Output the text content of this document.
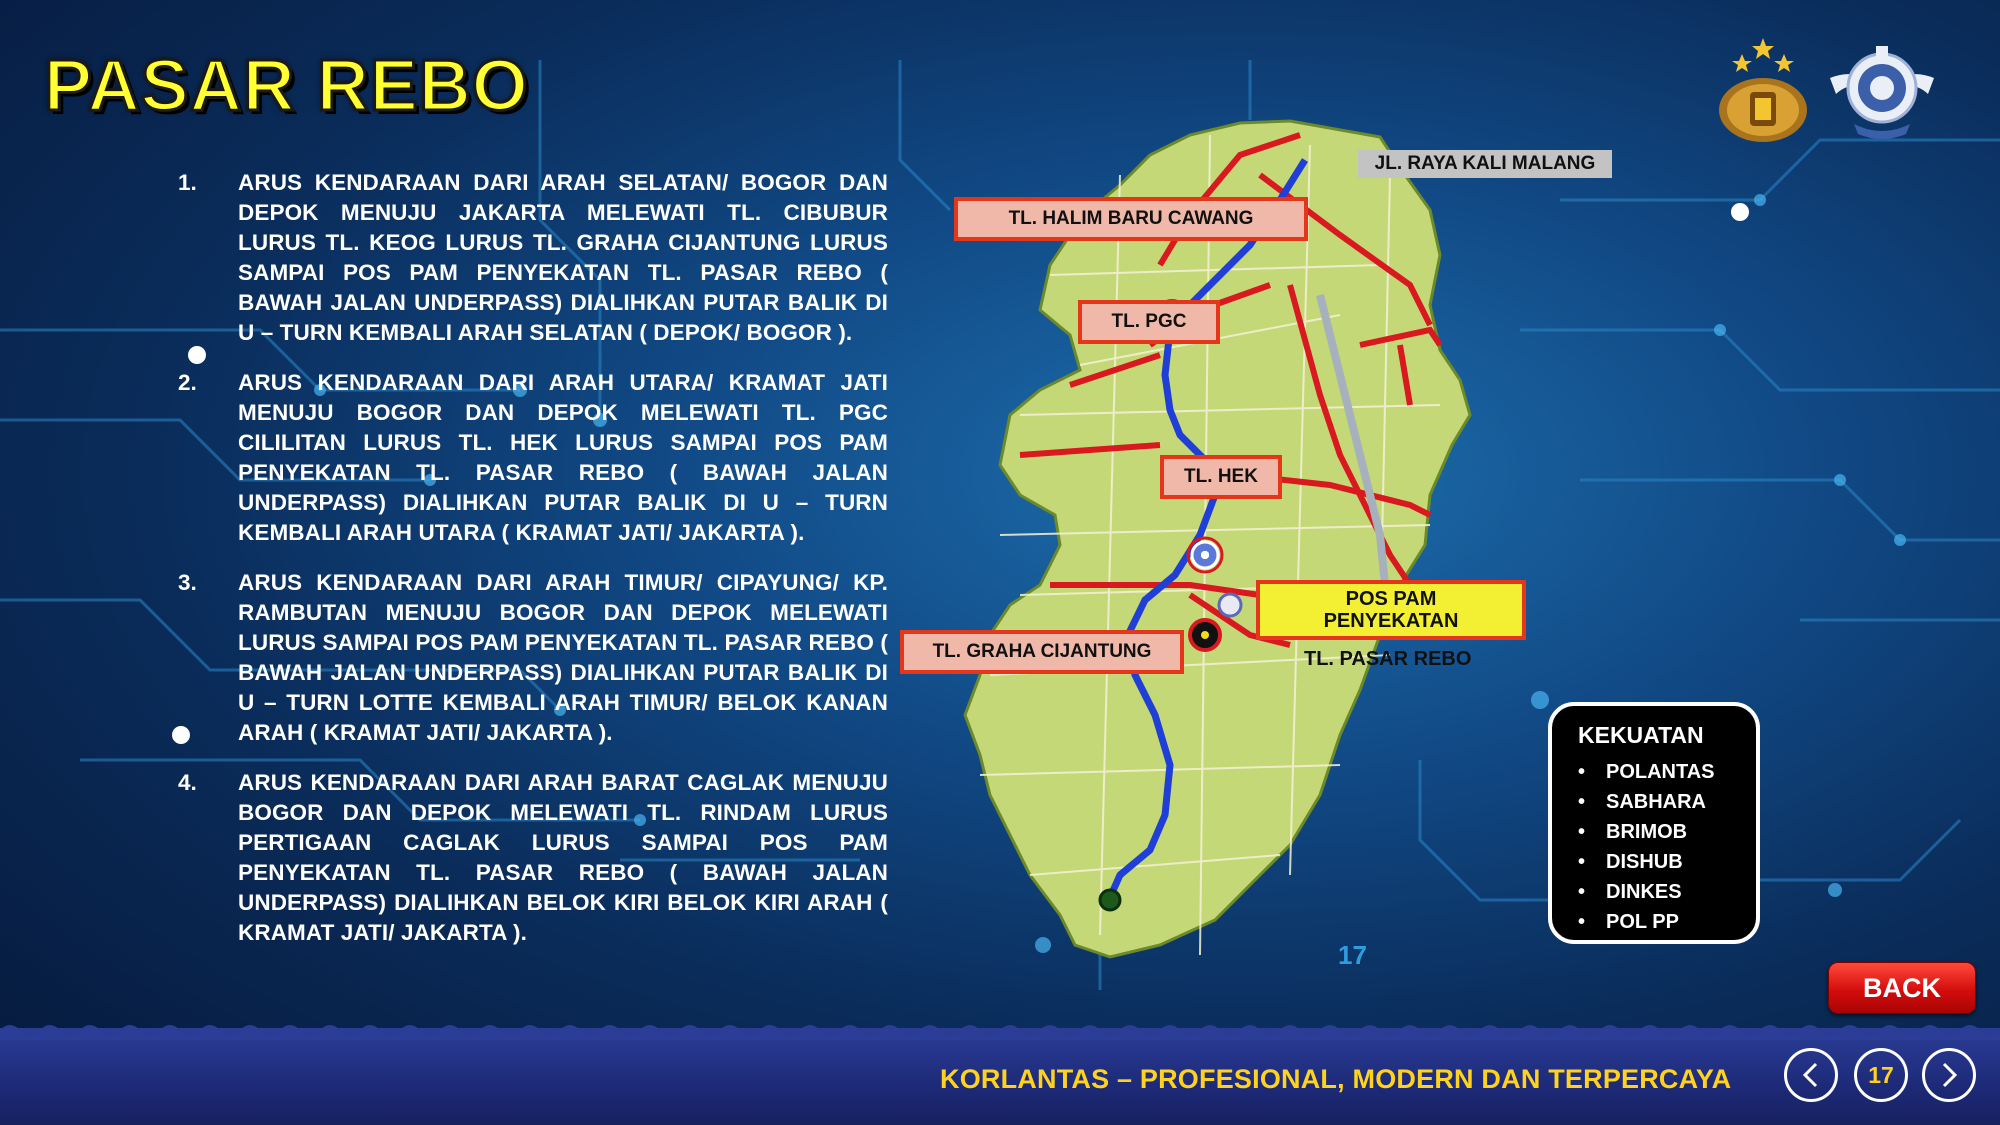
PASAR REBO
1.	ARUS KENDARAAN DARI ARAH SELATAN/ BOGOR DAN DEPOK MENUJU JAKARTA MELEWATI TL. CIBUBUR LURUS TL. KEOG LURUS TL. GRAHA CIJANTUNG LURUS SAMPAI POS PAM PENYEKATAN TL. PASAR REBO ( BAWAH JALAN UNDERPASS) DIALIHKAN PUTAR BALIK DI U – TURN KEMBALI ARAH SELATAN ( DEPOK/ BOGOR ).
2.	ARUS KENDARAAN DARI ARAH UTARA/ KRAMAT JATI MENUJU BOGOR DAN DEPOK MELEWATI TL. PGC CILILITAN LURUS TL. HEK LURUS SAMPAI POS PAM PENYEKATAN TL. PASAR REBO ( BAWAH JALAN UNDERPASS) DIALIHKAN PUTAR BALIK DI U – TURN KEMBALI ARAH UTARA ( KRAMAT JATI/ JAKARTA ).
3.	ARUS KENDARAAN DARI ARAH TIMUR/ CIPAYUNG/ KP. RAMBUTAN MENUJU BOGOR DAN DEPOK MELEWATI LURUS SAMPAI POS PAM PENYEKATAN TL. PASAR REBO ( BAWAH JALAN UNDERPASS) DIALIHKAN PUTAR BALIK DI U – TURN LOTTE KEMBALI ARAH TIMUR/ BELOK KANAN ARAH ( KRAMAT JATI/ JAKARTA ).
4.	ARUS KENDARAAN DARI ARAH BARAT CAGLAK MENUJU BOGOR DAN DEPOK MELEWATI TL. RINDAM LURUS PERTIGAAN CAGLAK LURUS SAMPAI POS PAM PENYEKATAN TL. PASAR REBO ( BAWAH JALAN UNDERPASS) DIALIHKAN BELOK KIRI BELOK KIRI ARAH ( KRAMAT JATI/ JAKARTA ).
JL. RAYA KALI MALANG
TL. HALIM BARU CAWANG
TL. PGC
TL. HEK
POS PAM
PENYEKATAN
TL. GRAHA CIJANTUNG	TL. PASAR REBO
17
KEKUATAN
•	POLANTAS
•	SABHARA
•	BRIMOB
•	DISHUB
•	DINKES
•	POL PP
BACK
KORLANTAS – PROFESIONAL, MODERN DAN TERPERCAYA	17
